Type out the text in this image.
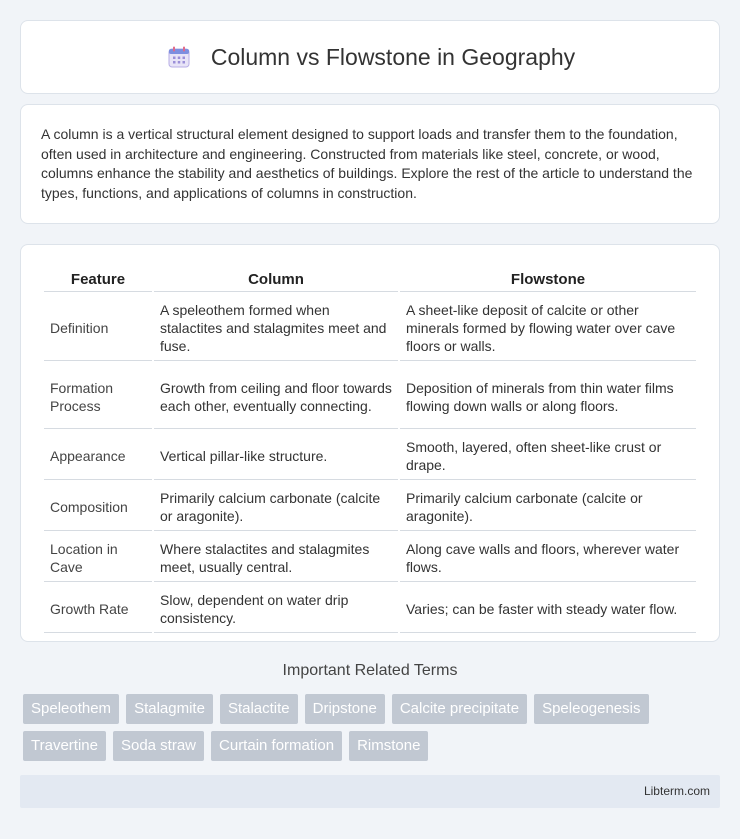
Column vs Flowstone in Geography

A column is a vertical structural element designed to support loads and transfer them to the foundation, often used in architecture and engineering. Constructed from materials like steel, concrete, or wood, columns enhance the stability and aesthetics of buildings. Explore the rest of the article to understand the types, functions, and applications of columns in construction.

Feature	Column	Flowstone
Definition	A speleothem formed when stalactites and stalagmites meet and fuse.	A sheet-like deposit of calcite or other minerals formed by flowing water over cave floors or walls.
Formation Process	Growth from ceiling and floor towards each other, eventually connecting.	Deposition of minerals from thin water films flowing down walls or along floors.
Appearance	Vertical pillar-like structure.	Smooth, layered, often sheet-like crust or drape.
Composition	Primarily calcium carbonate (calcite or aragonite).	Primarily calcium carbonate (calcite or aragonite).
Location in Cave	Where stalactites and stalagmites meet, usually central.	Along cave walls and floors, wherever water flows.
Growth Rate	Slow, dependent on water drip consistency.	Varies; can be faster with steady water flow.
Important Related Terms
Speleothem	Stalagmite	Stalactite	Dripstone	Calcite precipitate	Speleogenesis
Travertine	Soda straw	Curtain formation	Rimstone
Libterm.com
